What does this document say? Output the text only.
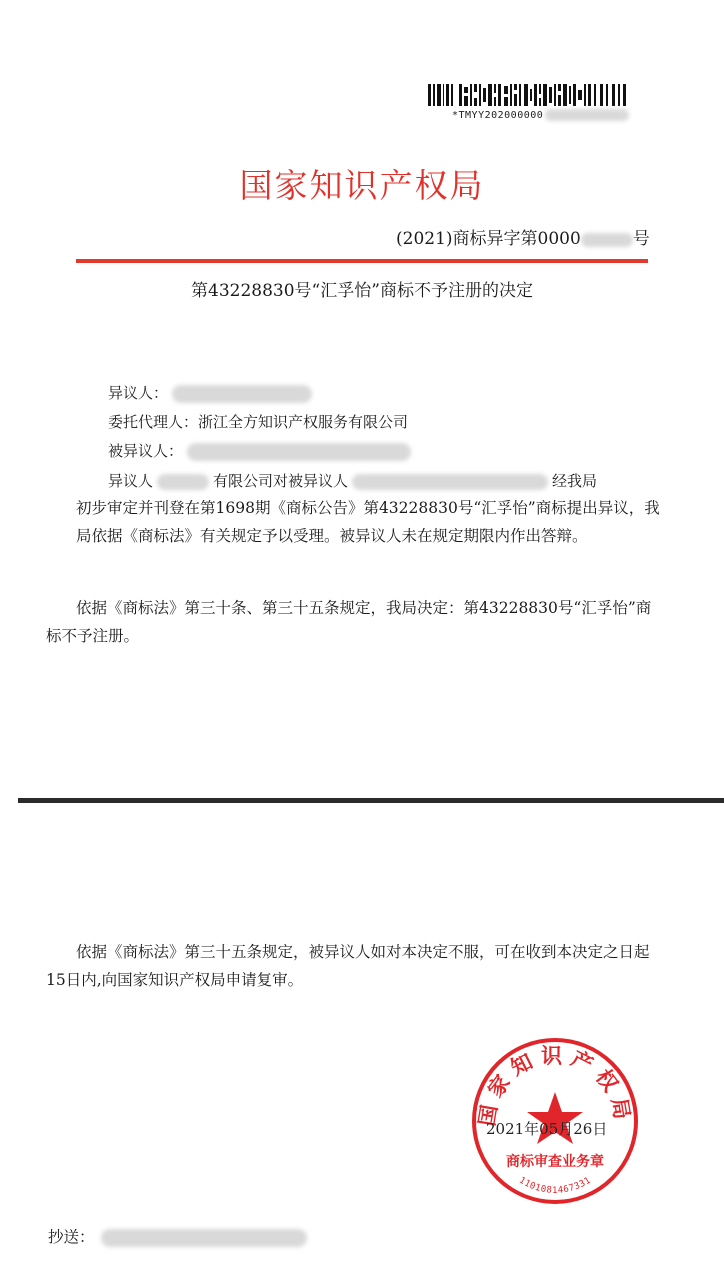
*TMYY202000000
国家知识产权局
(2021)商标异字第0000	号
第43228830号“汇孚怡”商标不予注册的决定
异议人：
委托代理人：浙江全方知识产权服务有限公司
被异议人：
异议人	有限公司对被异议人	经我局
初步审定并刊登在第1698期《商标公告》第43228830号“汇孚怡”商标提出异议，我局依据《商标法》有关规定予以受理。被异议人未在规定期限内作出答辩。
依据《商标法》第三十条、第三十五条规定，我局决定：第43228830号“汇孚怡”商标不予注册。
依据《商标法》第三十五条规定，被异议人如对本决定不服，可在收到本决定之日起15日内,向国家知识产权局申请复审。
国家知识产权局
商标审查业务章
1101081467331
2021年05月26日
抄送：
